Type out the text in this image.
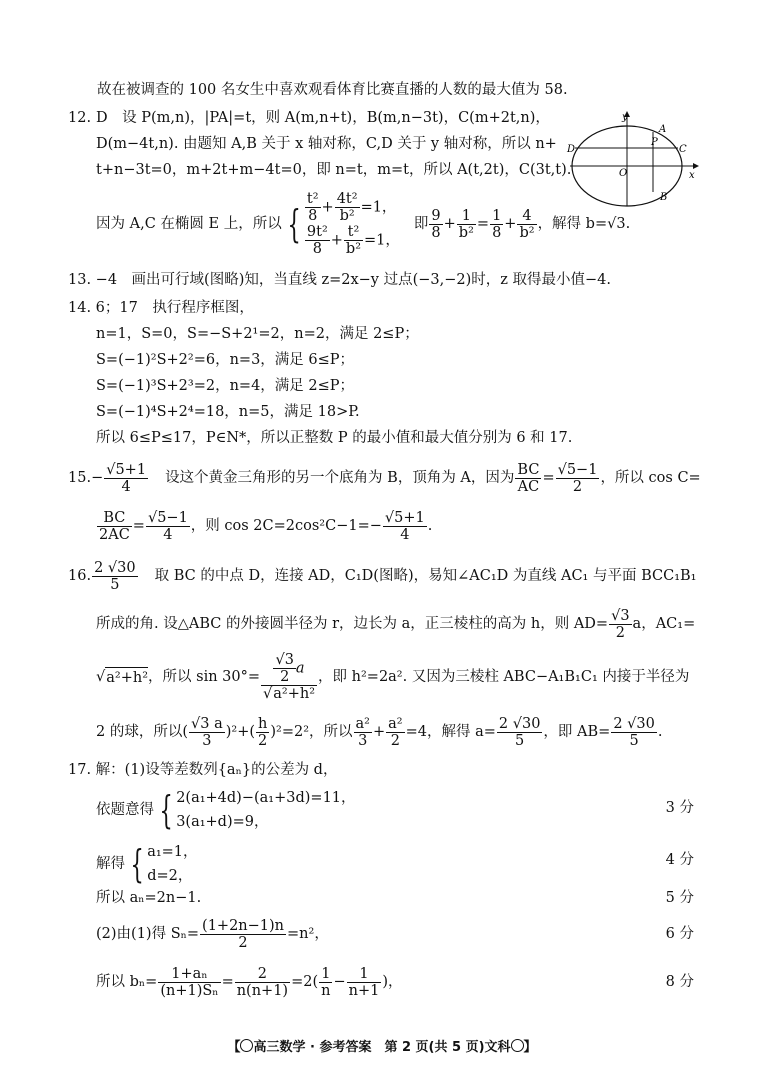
故在被调查的 100 名女生中喜欢观看体育比赛直播的人数的最大值为 58.
12. D　设 P(m,n)，|PA|=t，则 A(m,n+t)，B(m,n−3t)，C(m+2t,n)，
D(m−4t,n). 由题知 A,B 关于 x 轴对称，C,D 关于 y 轴对称，所以 n+
t+n−3t=0，m+2t+m−4t=0，即 n=t，m=t，所以 A(t,2t)，C(3t,t).
因为 A,C 在椭圆 E 上，所以 { $\frac{\text{t²}}{8} + \frac{\text{4t²}}{\text{b²}} =1$，
$\frac{\text{9t²}}{8} + \frac{\text{t²}}{\text{b²}} =1$，
即 $\frac{9}{8} + \frac{1}{\text{b²}} = \frac{1}{8} + \frac{4}{\text{b²}}$ ，解得 b=√3.
y
x
A
P
C
D
O
B
13. −4　画出可行域(图略)知，当直线 z=2x−y 过点(−3,−2)时，z 取得最小值−4.
14. 6；17　执行程序框图，
n=1，S=0，S=−S+2¹=2，n=2，满足 2≤P；
S=(−1)²S+2²=6，n=3，满足 6≤P；
S=(−1)³S+2³=2，n=4，满足 2≤P；
S=(−1)⁴S+2⁴=18，n=5，满足 18>P.
所以 6≤P≤17，P∈N*，所以正整数 P 的最小值和最大值分别为 6 和 17.
15. − $\frac{√5+1}{4}$ 设这个黄金三角形的另一个底角为 B，顶角为 A，因为 $\frac{BC}{AC} = \frac{√5-1}{2}$ ，所以 cos C=
$\frac{BC}{2AC} = \frac{√5-1}{4}$ ，则 $\cos 2C=2\cos^2C-1= - \frac{√5+1}{4}$ .
16. $\frac{2 √30}{5}$ 取 BC 的中点 D，连接 AD，C₁D(图略)，易知∠AC₁D 为直线 AC₁ 与平面 BCC₁B₁
所成的角. 设△ABC 的外接圆半径为 r，边长为 a，正三棱柱的高为 h，则 $AD= \frac{√3}{2}$ a，AC₁=
√ a²+h² ，所以 $\sin 30^\circ= \frac{\frac{√3}{2} a}{\text{√a²+h²}}$ ，即 h²=2a². 又因为三棱柱 ABC−A₁B₁C₁ 内接于半径为
2 的球，所以( $\frac{√3 a}{3} )^2+( \frac{h}{2} )^2=2^2$，所以 $\frac{\text{a²}}{3} + \frac{\text{a²}}{2} =4$，解得 $a= \frac{2 √30}{5}$ ，即 $AB= \frac{2 √30}{5}$ .
17. 解：(1)设等差数列{aₙ}的公差为 d，
依题意得 { 2(a₁+4d)−(a₁+3d)=11，
3(a₁+d)=9，
3 分
解得 { a₁=1，
d=2，
4 分
所以 aₙ=2n−1.	5 分
(2)由(1)得 $S_n= \frac{(1+2n-1)n}{2} =n^2$，	6 分
所以 $b_n= \frac{\text{1+aₙ}}{\text{(n+1)Sₙ}} = \frac{2}{n(n+1)} =2( \frac{1}{n} - \frac{1}{n+1}$ )，	8 分
【 高三数学 · 参考答案　第 2 页(共 5 页)文科 】
